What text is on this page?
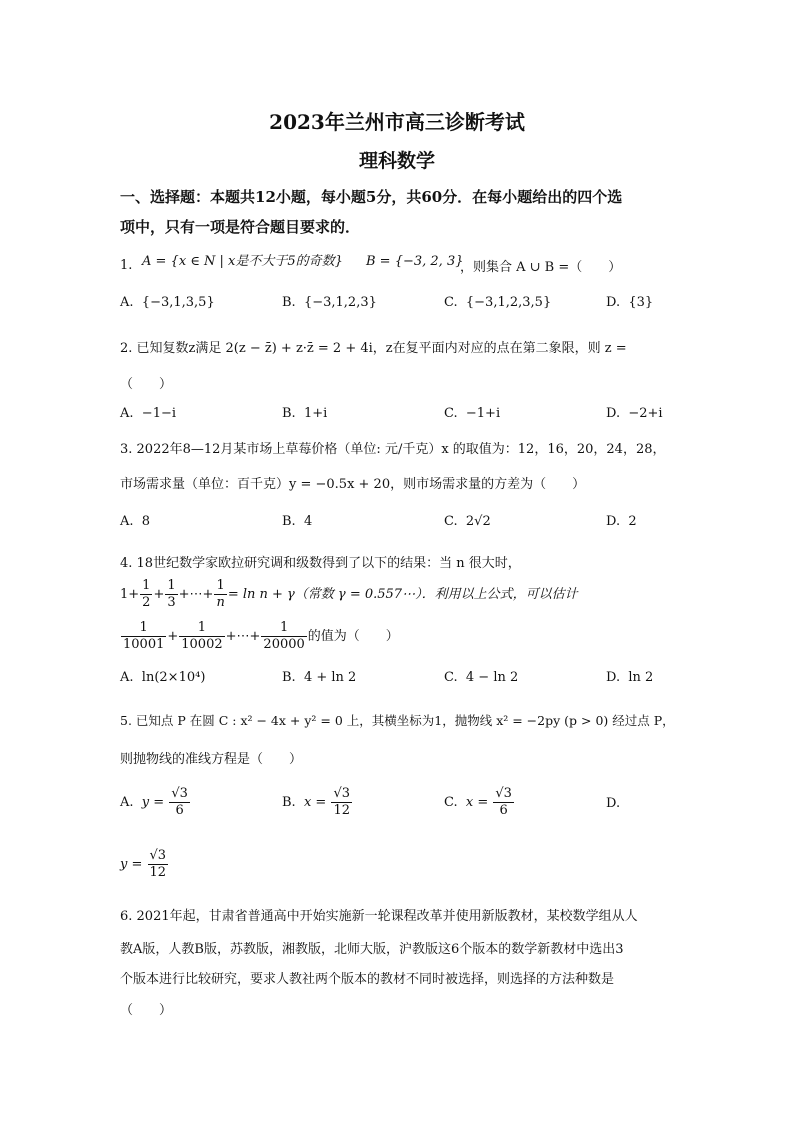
2023年兰州市高三诊断考试
理科数学
一、选择题：本题共12小题，每小题5分，共60分．在每小题给出的四个选
项中，只有一项是符合题目要求的．
1. A = {x ∈ N | x是不大于5的奇数} B = {−3, 2, 3}
，则集合 A ∪ B =（　　）
A. {−3,1,3,5}	B. {−3,1,2,3}	C. {−3,1,2,3,5}	D. {3}
2. 已知复数z满足 2(z − z̄) + z·z̄ = 2 + 4i，z在复平面内对应的点在第二象限，则 z =
（　　）
A. −1−i	B. 1+i	C. −1+i	D. −2+i
3. 2022年8—12月某市场上草莓价格（单位: 元/千克）x 的取值为：12，16，20，24，28，
市场需求量（单位：百千克）y = −0.5x + 20，则市场需求量的方差为（　　）
A. 8	B. 4	C. 2√2	D. 2
4. 18世纪数学家欧拉研究调和级数得到了以下的结果：当 n 很大时，
$1+ \frac{1}{2} + \frac{1}{3}$ +⋯+ $\frac{1}{n} = \ln n + \gamma$（常数 γ = 0.557⋯）．利用以上公式，可以估计
$\frac{1}{10001} + \frac{1}{10002}$ +⋯+ $\frac{1}{20000}$ 的值为（　　）
A. ln(2×10⁴)	B. 4 + ln 2	C. 4 − ln 2	D. ln 2
5. 已知点 P 在圆 C : x² − 4x + y² = 0 上，其横坐标为1，抛物线 x² = −2py (p > 0) 经过点 P，
则抛物线的准线方程是（　　）
A. $y = \frac{√3}{6}$	B. $x = \frac{√3}{12}$	C. $x = \frac{√3}{6}$	D.
$y = \frac{√3}{12}$
6. 2021年起，甘肃省普通高中开始实施新一轮课程改革并使用新版教材，某校数学组从人
教A版，人教B版，苏教版，湘教版，北师大版，沪教版这6个版本的数学新教材中选出3
个版本进行比较研究，要求人教社两个版本的教材不同时被选择，则选择的方法种数是
（　　）
